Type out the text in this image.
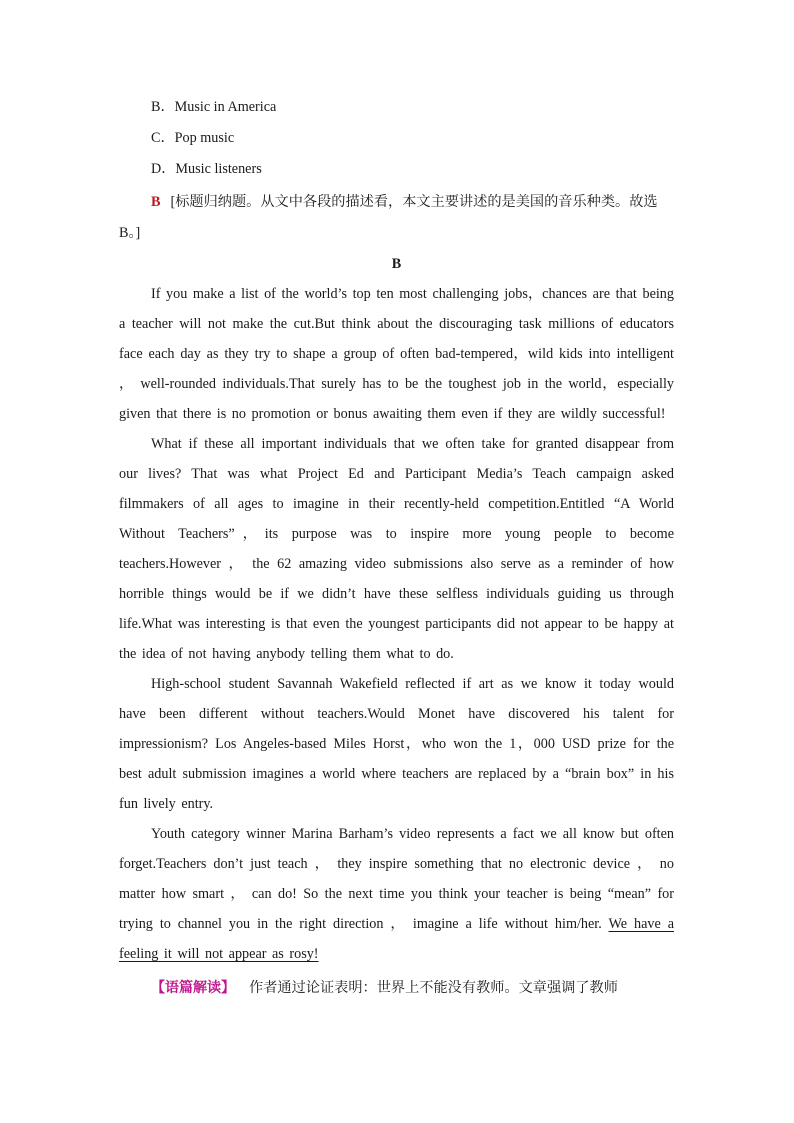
B．Music in America
C．Pop music
D．Music listeners

B [标题归纳题。从文中各段的描述看，本文主要讲述的是美国的音乐种类。故选 B。]

B

If you make a list of the world’s top ten most challenging jobs，chances are that being a teacher will not make the cut.But think about the discouraging task millions of educators face each day as they try to shape a group of often bad-tempered，wild kids into intelligent ， well-rounded individuals.That surely has to be the toughest job in the world，especially given that there is no promotion or bonus awaiting them even if they are wildly successful!

What if these all important individuals that we often take for granted disappear from our lives? That was what Project Ed and Participant Media’s Teach campaign asked filmmakers of all ages to imagine in their recently-held competition.Entitled “A World Without Teachers”，its purpose was to inspire more young people to become teachers.However ， the 62 amazing video submissions also serve as a reminder of how horrible things would be if we didn’t have these selfless individuals guiding us through life.What was interesting is that even the youngest participants did not appear to be happy at the idea of not having anybody telling them what to do.

High-school student Savannah Wakefield reflected if art as we know it today would have been different without teachers.Would Monet have discovered his talent for impressionism? Los Angeles-based Miles Horst，who won the 1，000 USD prize for the best adult submission imagines a world where teachers are replaced by a “brain box” in his fun lively entry.

Youth category winner Marina Barham’s video represents a fact we all know but often forget.Teachers don’t just teach ， they inspire something that no electronic device ， no matter how smart ， can do! So the next time you think your teacher is being “mean” for trying to channel you in the right direction ， imagine a life without him/her. We have a feeling it will not appear as rosy!

【语篇解读】 作者通过论证表明：世界上不能没有教师。文章强调了教师
